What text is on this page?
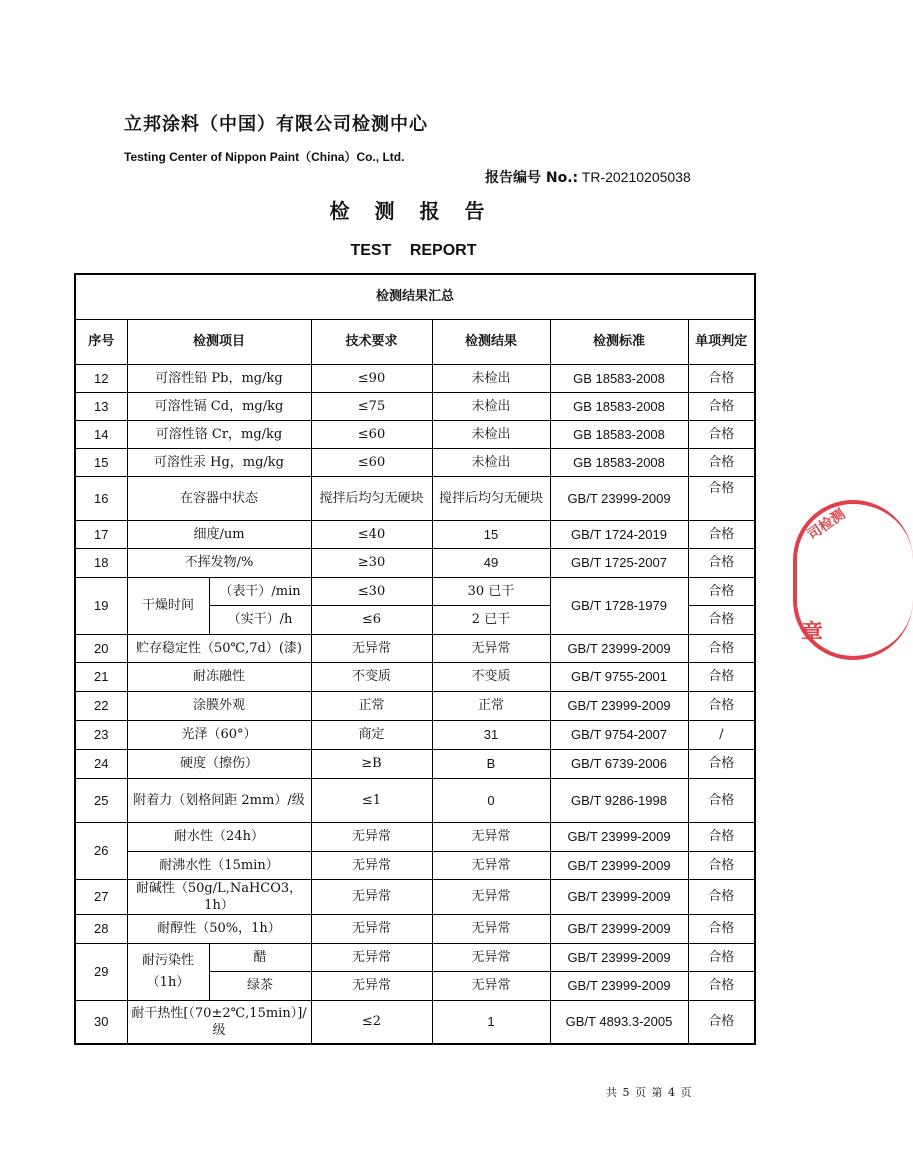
立邦涂料（中国）有限公司检测中心
Testing Center of Nippon Paint（China）Co., Ltd.
报告编号 No.: TR-20210205038
检测报告
TEST REPORT
检测结果汇总						
序号	检测项目		技术要求	检测结果	检测标准	单项判定
12	可溶性铅 Pb，mg/kg		≤90	未检出	GB 18583-2008	合格
13	可溶性镉 Cd，mg/kg		≤75	未检出	GB 18583-2008	合格
14	可溶性铬 Cr，mg/kg		≤60	未检出	GB 18583-2008	合格
15	可溶性汞 Hg，mg/kg		≤60	未检出	GB 18583-2008	合格
16	在容器中状态		搅拌后均匀无硬块	搅拌后均匀无硬块	GB/T 23999-2009	合格
17	细度/um		≤40	15	GB/T 1724-2019	合格
18	不挥发物/%		≥30	49	GB/T 1725-2007	合格
19	干燥时间	（表干）/min	≤30	30 已干	GB/T 1728-1979	合格
		（实干）/h	≤6	2 已干		合格
20	贮存稳定性（50℃,7d）(漆)		无异常	无异常	GB/T 23999-2009	合格
21	耐冻融性		不变质	不变质	GB/T 9755-2001	合格
22	涂膜外观		正常	正常	GB/T 23999-2009	合格
23	光泽（60°）		商定	31	GB/T 9754-2007	/
24	硬度（擦伤）		≥B	B	GB/T 6739-2006	合格
25	附着力（划格间距 2mm）/级		≤1	0	GB/T 9286-1998	合格
26	耐水性（24h）		无异常	无异常	GB/T 23999-2009	合格
	耐沸水性（15min）		无异常	无异常	GB/T 23999-2009	合格
27	耐碱性（50g/L,NaHCO3，1h）		无异常	无异常	GB/T 23999-2009	合格
28	耐醇性（50%，1h）		无异常	无异常	GB/T 23999-2009	合格
29	耐污染性（1h）	醋	无异常	无异常	GB/T 23999-2009	合格
		绿茶	无异常	无异常	GB/T 23999-2009	合格
30	耐干热性[（70±2℃,15min）]/级		≤2	1	GB/T 4893.3-2005	合格
司检测
章
共 5 页 第 4 页
